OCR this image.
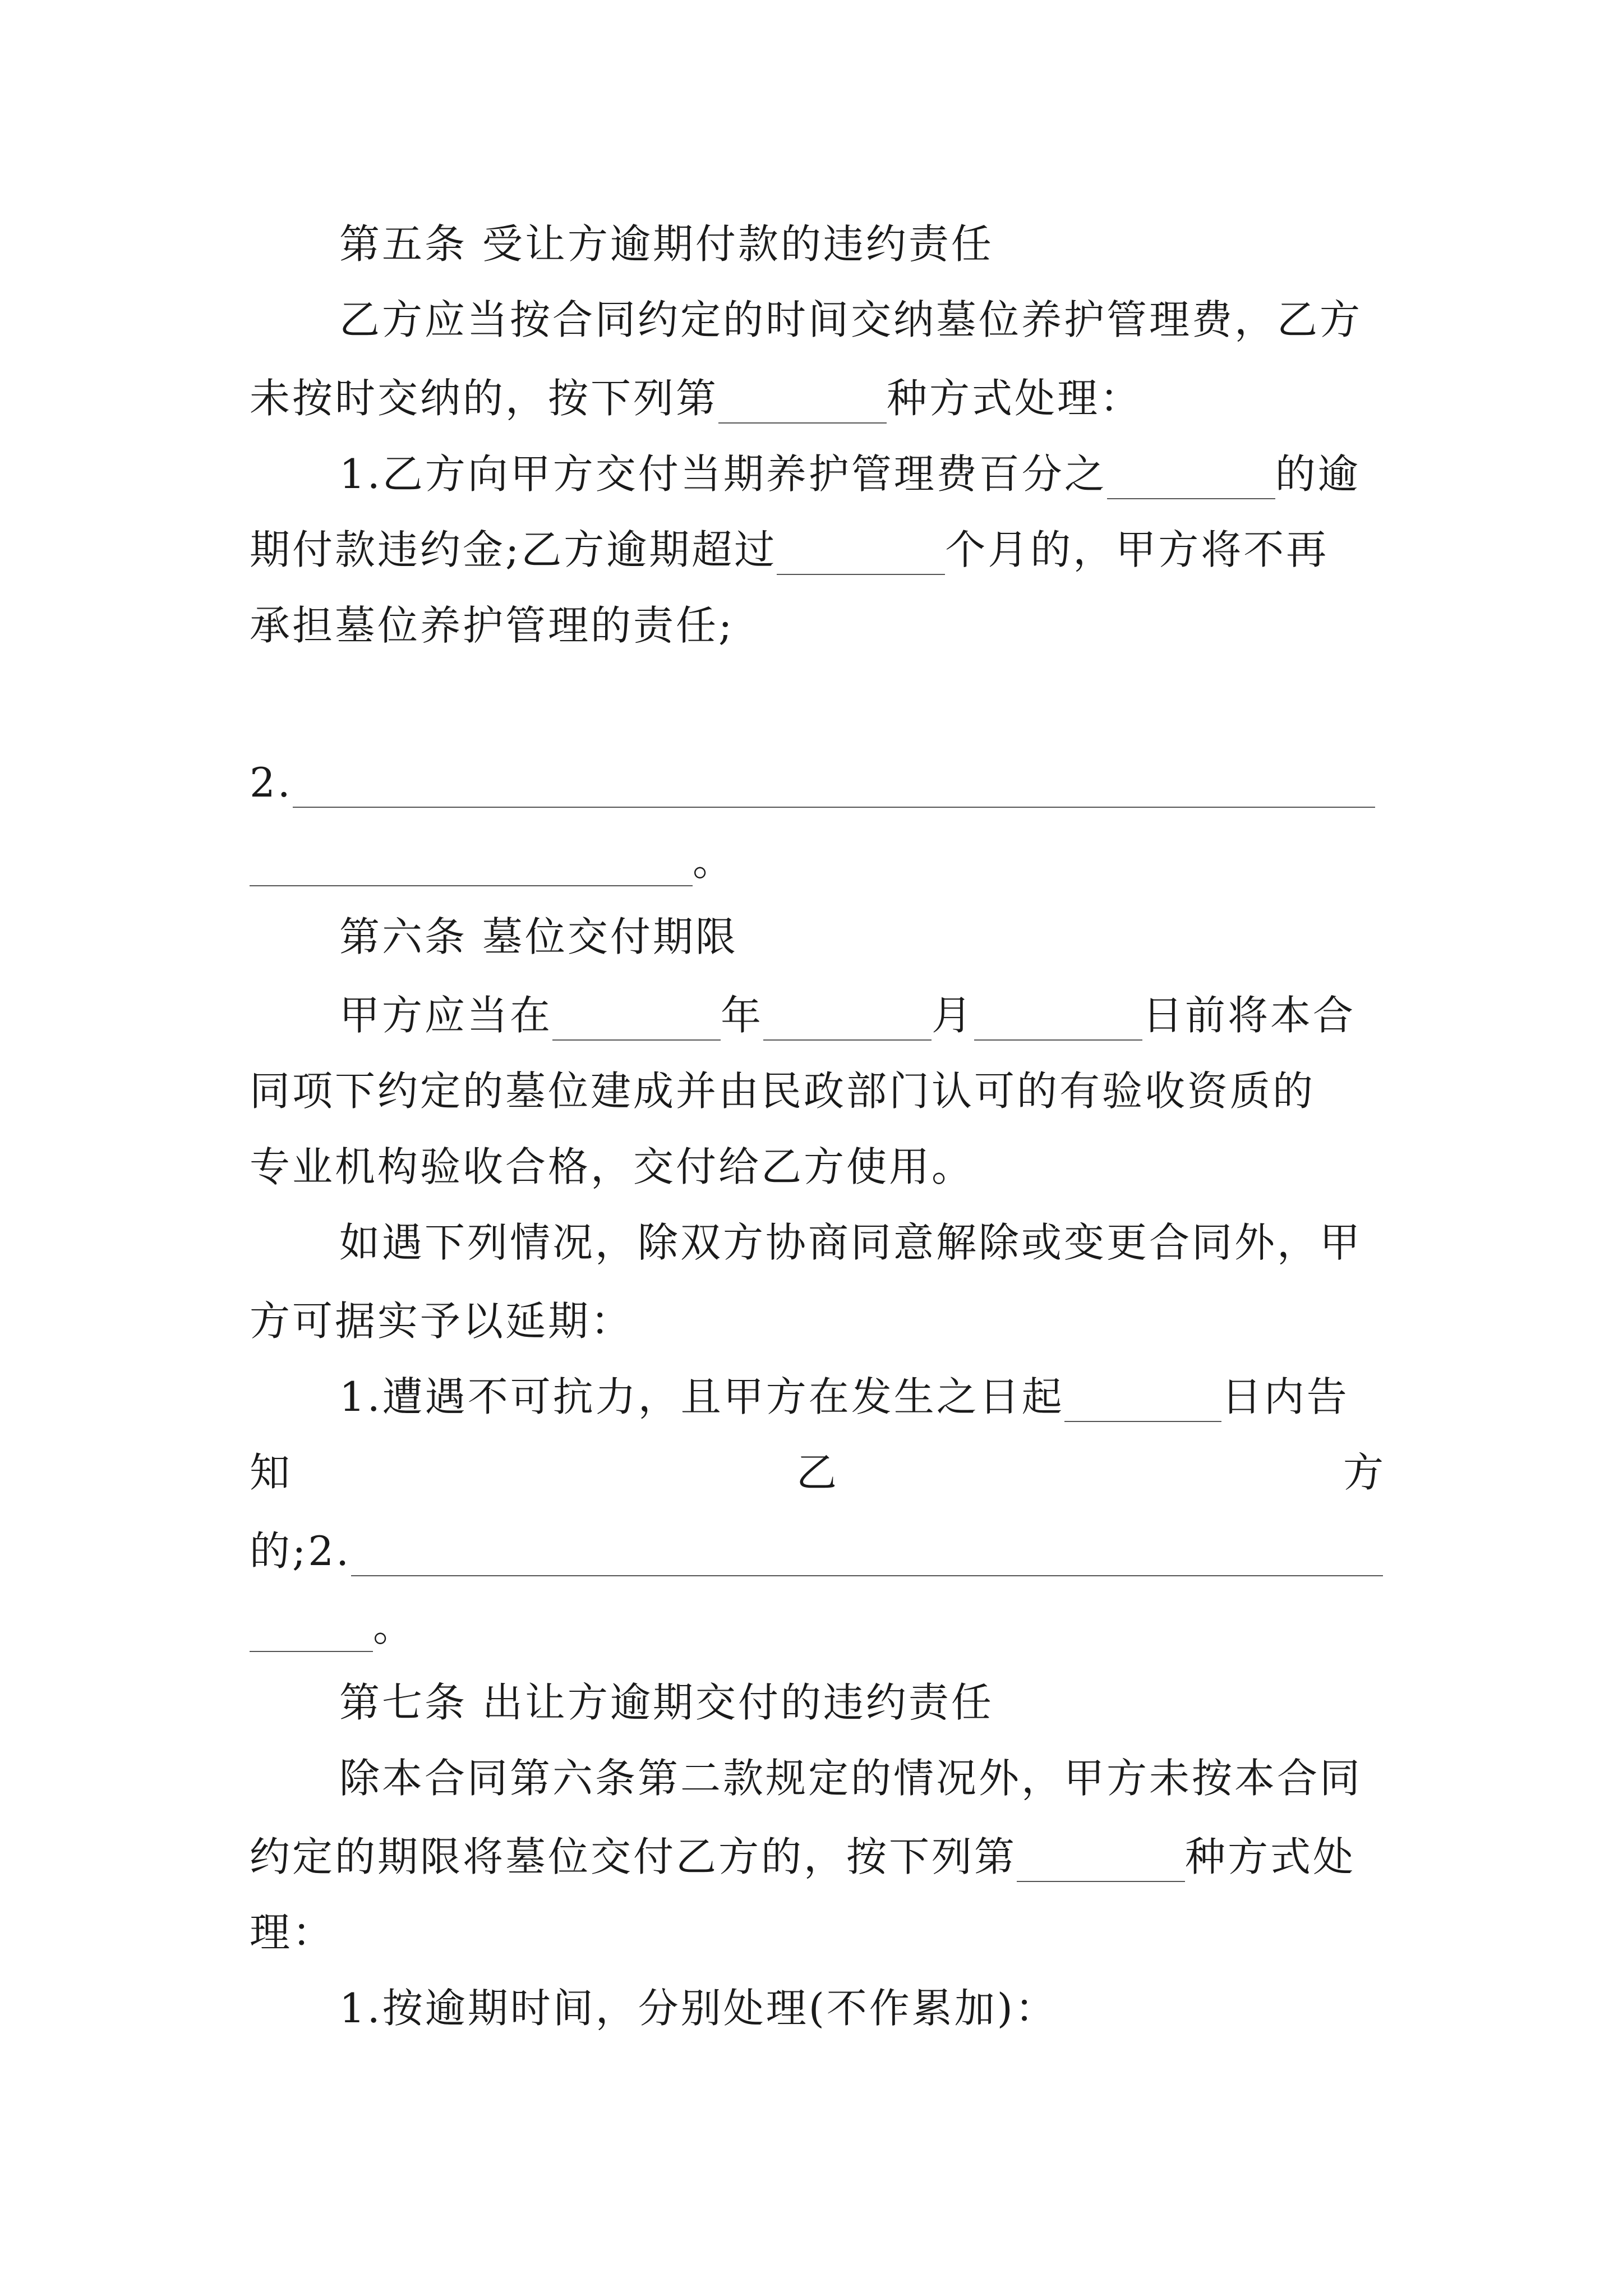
第五条 受让方逾期付款的违约责任
乙方应当按合同约定的时间交纳墓位养护管理费，乙方
未按时交纳的，按下列第	种方式处理：
1.乙方向甲方交付当期养护管理费百分之	的逾
期付款违约金;乙方逾期超过	个月的，甲方将不再
承担墓位养护管理的责任;
2.
。
第六条 墓位交付期限
甲方应当在	年	月	日前将本合
同项下约定的墓位建成并由民政部门认可的有验收资质的
专业机构验收合格，交付给乙方使用。
如遇下列情况，除双方协商同意解除或变更合同外，甲
方可据实予以延期：
1.遭遇不可抗力，且甲方在发生之日起	日内告
知	乙	方
的;2.
。
第七条 出让方逾期交付的违约责任
除本合同第六条第二款规定的情况外，甲方未按本合同
约定的期限将墓位交付乙方的，按下列第	种方式处
理：
1.按逾期时间，分别处理(不作累加)：
